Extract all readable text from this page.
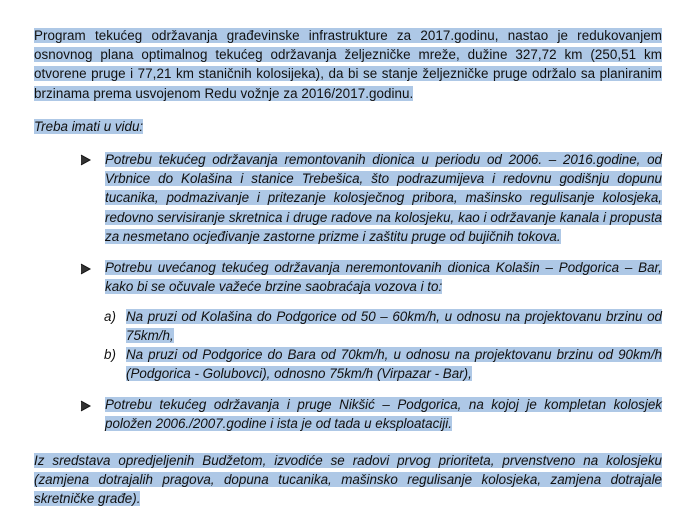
Program tekućeg održavanja građevinske infrastrukture za 2017.godinu, nastao je redukovanjem osnovnog plana optimalnog tekućeg održavanja željezničke mreže, dužine 327,72 km (250,51 km otvorene pruge i 77,21 km staničnih kolosijeka), da bi se stanje željezničke pruge održalo sa planiranim brzinama prema usvojenom Redu vožnje za 2016/2017.godinu.

Treba imati u vidu:

Potrebu tekućeg održavanja remontovanih dionica u periodu od 2006. – 2016.godine, od Vrbnice do Kolašina i stanice Trebešica, što podrazumijeva i redovnu godišnju dopunu tucanika, podmazivanje i pritezanje kolosječnog pribora, mašinsko regulisanje kolosjeka, redovno servisiranje skretnica i druge radove na kolosjeku, kao i održavanje kanala i propusta za nesmetano ocjeđivanje zastorne prizme i zaštitu pruge od bujičnih tokova.

Potrebu uvećanog tekućeg održavanja neremontovanih dionica Kolašin – Podgorica – Bar, kako bi se očuvale važeće brzine saobraćaja vozova i to:

a) Na pruzi od Kolašina do Podgorice od 50 – 60km/h, u odnosu na projektovanu brzinu od 75km/h,

b) Na pruzi od Podgorice do Bara od 70km/h, u odnosu na projektovanu brzinu od 90km/h (Podgorica - Golubovci), odnosno 75km/h (Virpazar - Bar),

Potrebu tekućeg održavanja i pruge Nikšić – Podgorica, na kojoj je kompletan kolosjek položen 2006./2007.godine i ista je od tada u eksploataciji.

Iz sredstava opredjeljenih Budžetom, izvodiće se radovi prvog prioriteta, prvenstveno na kolosjeku (zamjena dotrajalih pragova, dopuna tucanika, mašinsko regulisanje kolosjeka, zamjena dotrajale skretničke građe).
